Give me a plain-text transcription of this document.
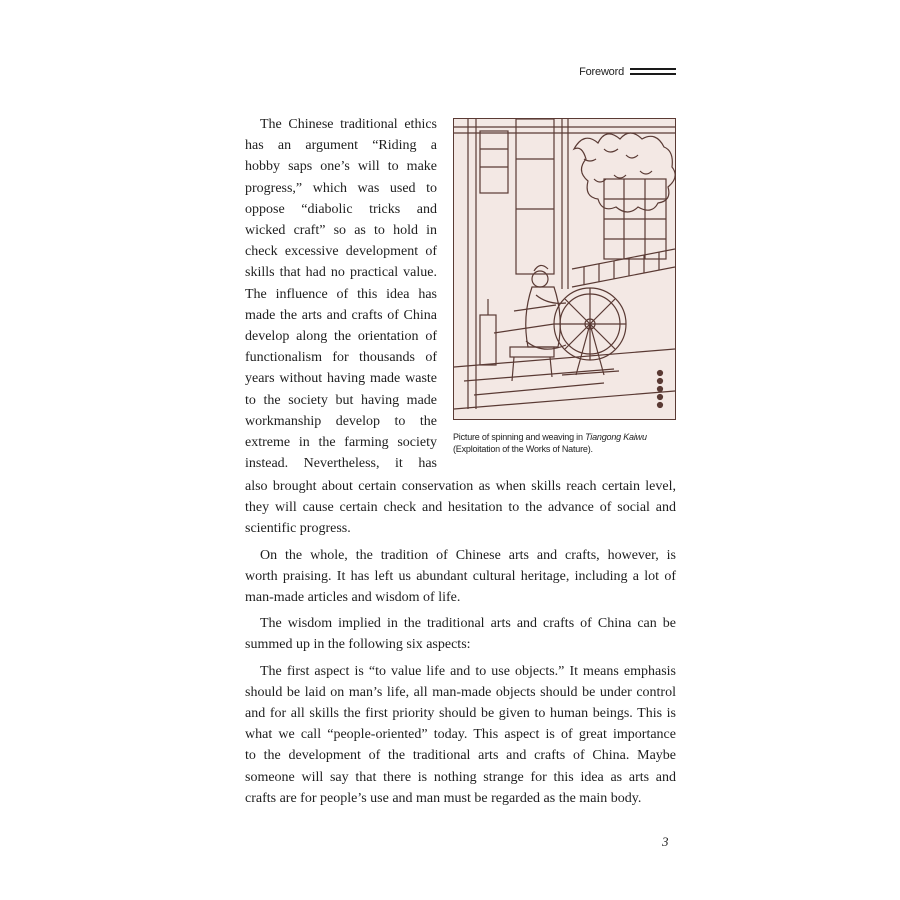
Foreword
The Chinese traditional ethics
has an argument “Riding a
hobby saps one’s will to make
progress,” which was used to
oppose “diabolic tricks and
wicked craft” so as to hold in
check excessive development of
skills that had no practical value.
The influence of this idea has
made the arts and crafts of China
develop along the orientation of
functionalism for thousands of
years without having made waste
to the society but having made
workmanship develop to the
extreme in the farming society
instead. Nevertheless, it has
Picture of spinning and weaving in Tiangong Kaiwu (Exploitation of the Works of Nature).
also brought about certain conservation as when skills reach certain level,
they will cause certain check and hesitation to the advance of social and
scientific progress.
On the whole, the tradition of Chinese arts and crafts, however, is
worth praising. It has left us abundant cultural heritage, including a lot of
man-made articles and wisdom of life.
The wisdom implied in the traditional arts and crafts of China can be
summed up in the following six aspects:
The first aspect is “to value life and to use objects.” It means emphasis
should be laid on man’s life, all man-made objects should be under control
and for all skills the first priority should be given to human beings. This is
what we call “people-oriented” today. This aspect is of great importance
to the development of the traditional arts and crafts of China. Maybe
someone will say that there is nothing strange for this idea as arts and
crafts are for people’s use and man must be regarded as the main body.
3
